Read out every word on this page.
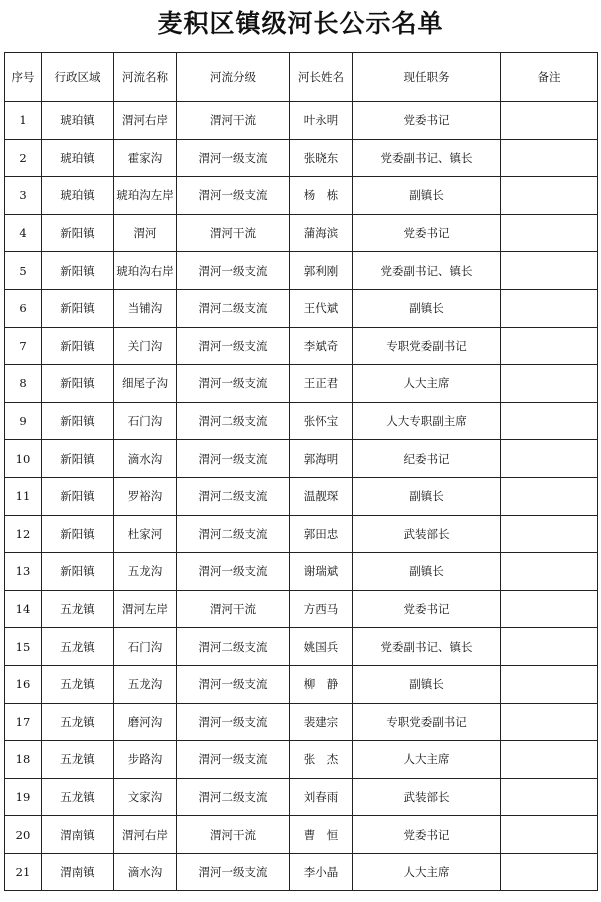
麦积区镇级河长公示名单
序号	行政区域	河流名称	河流分级	河长姓名	现任职务	备注
1	琥珀镇	渭河右岸	渭河干流	叶永明	党委书记	
2	琥珀镇	霍家沟	渭河一级支流	张晓东	党委副书记、镇长	
3	琥珀镇	琥珀沟左岸	渭河一级支流	杨　栋	副镇长	
4	新阳镇	渭河	渭河干流	蒲海滨	党委书记	
5	新阳镇	琥珀沟右岸	渭河一级支流	郭利刚	党委副书记、镇长	
6	新阳镇	当铺沟	渭河二级支流	王代斌	副镇长	
7	新阳镇	关门沟	渭河一级支流	李斌奇	专职党委副书记	
8	新阳镇	细尾子沟	渭河一级支流	王正君	人大主席	
9	新阳镇	石门沟	渭河二级支流	张怀宝	人大专职副主席	
10	新阳镇	滴水沟	渭河一级支流	郭海明	纪委书记	
11	新阳镇	罗裕沟	渭河二级支流	温靓琛	副镇长	
12	新阳镇	杜家河	渭河二级支流	郭田忠	武装部长	
13	新阳镇	五龙沟	渭河一级支流	谢瑞斌	副镇长	
14	五龙镇	渭河左岸	渭河干流	方西马	党委书记	
15	五龙镇	石门沟	渭河二级支流	姚国兵	党委副书记、镇长	
16	五龙镇	五龙沟	渭河一级支流	柳　静	副镇长	
17	五龙镇	磨河沟	渭河一级支流	裴建宗	专职党委副书记	
18	五龙镇	步路沟	渭河一级支流	张　杰	人大主席	
19	五龙镇	文家沟	渭河二级支流	刘春雨	武装部长	
20	渭南镇	渭河右岸	渭河干流	曹　恒	党委书记	
21	渭南镇	滴水沟	渭河一级支流	李小晶	人大主席	
